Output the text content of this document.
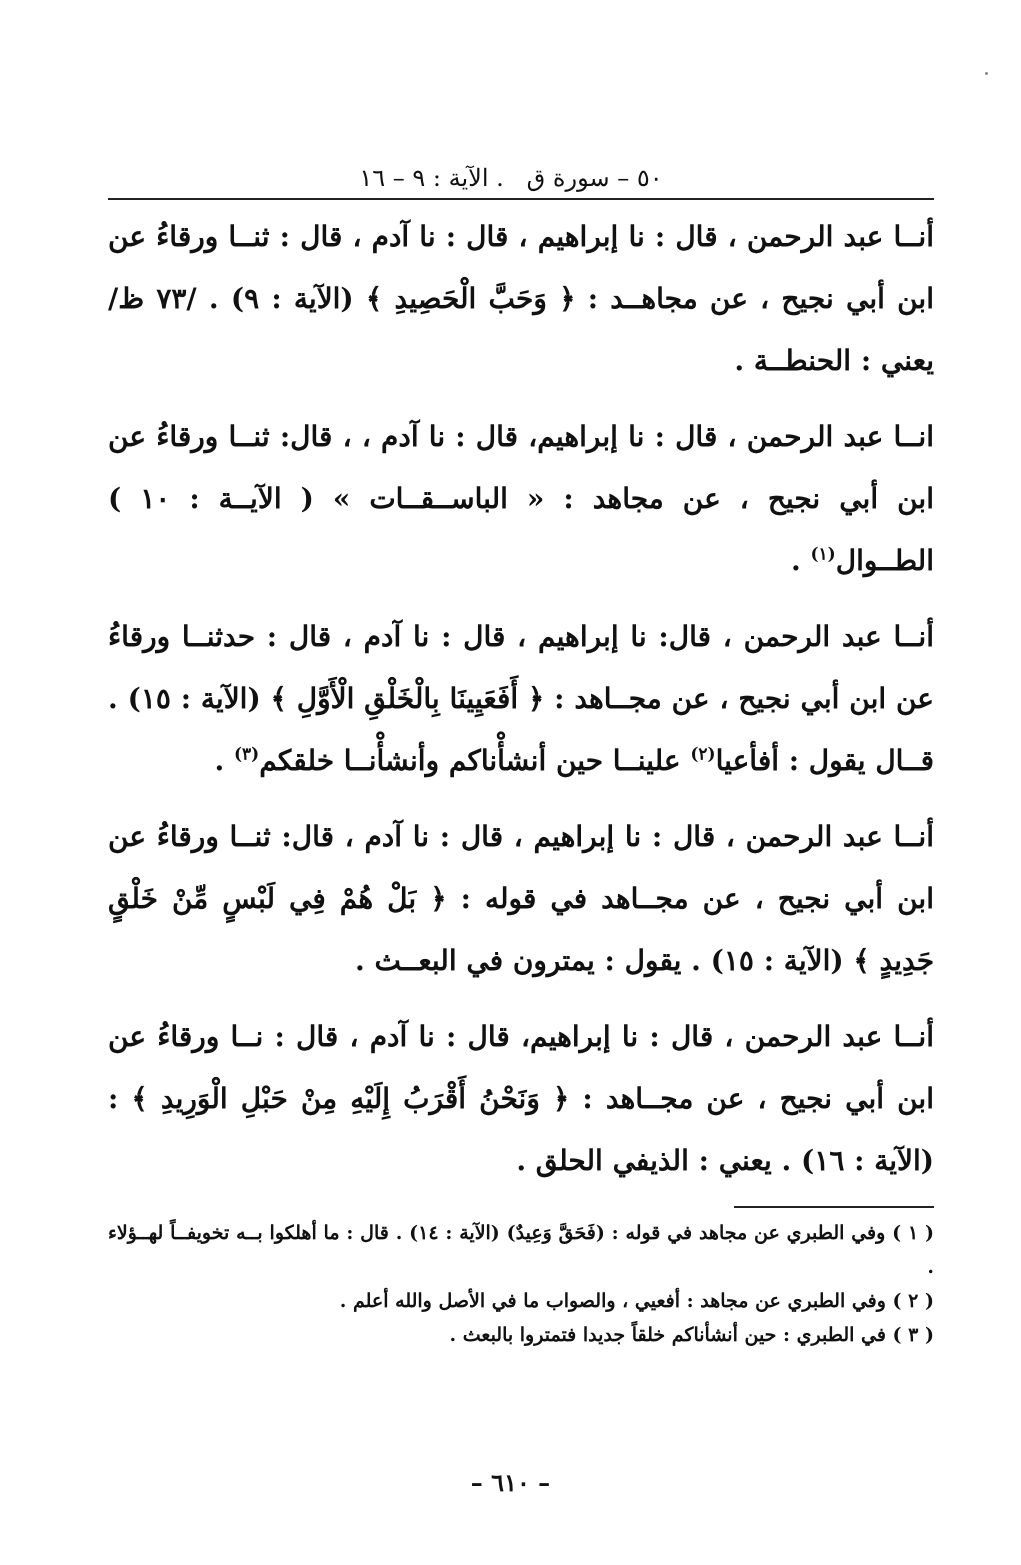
٥٠ – سورة ق   . الآية : ٩ – ١٦

أنــا عبد الرحمن ، قال : نا إبراهيم ، قال : نا آدم ، قال : ثنــا ورقاءُ عن ابن أبي نجيح ، عن مجاهــد : ﴿ وَحَبَّ الْحَصِيدِ ﴾ (الآية : ٩) . /٧٣ ظ/ يعني : الحنطــة .

انــا عبد الرحمن ، قال : نا إبراهيم، قال : نا آدم ، ، قال: ثنــا ورقاءُ عن ابن أبي نجيح ، عن مجاهد : « الباســقــات » ( الآيــة : ١٠ ) الطــوال$^{(١)}$ .

أنــا عبد الرحمن ، قال: نا إبراهيم ، قال : نا آدم ، قال : حدثنــا ورقاءُ عن ابن أبي نجيح ، عن مجــاهد : ﴿ أَفَعَيِينَا بِالْخَلْقِ الْأَوَّلِ ﴾ (الآية : ١٥) . قــال يقول : أفأعيا$^{(٢)}$ علينــا حين أنشأْناكم وأنشأْنــا خلقكم$^{(٣)}$ .

أنــا عبد الرحمن ، قال : نا إبراهيم ، قال : نا آدم ، قال: ثنــا ورقاءُ عن ابن أبي نجيح ، عن مجــاهد في قوله : ﴿ بَلْ هُمْ فِي لَبْسٍ مِّنْ خَلْقٍ جَدِيدٍ ﴾ (الآية : ١٥) . يقول : يمترون في البعــث .

أنــا عبد الرحمن ، قال : نا إبراهيم، قال : نا آدم ، قال : نــا ورقاءُ عن ابن أبي نجيح ، عن مجــاهد : ﴿ وَنَحْنُ أَقْرَبُ إِلَيْهِ مِنْ حَبْلِ الْوَرِيدِ ﴾ : (الآية : ١٦) . يعني : الذيفي الحلق .

( ١ ) وفي الطبري عن مجاهد في قوله : (فَحَقَّ وَعِيدٌ) (الآية : ١٤) . قال : ما أهلكوا بــه تخويفــاً لهــؤلاء .

( ٢ ) وفي الطبري عن مجاهد : أفعيي ، والصواب ما في الأصل والله أعلم .

( ٣ ) في الطبري : حين أنشأناكم خلقاً جديدا فتمتروا بالبعث .

– ٦١٠ –
